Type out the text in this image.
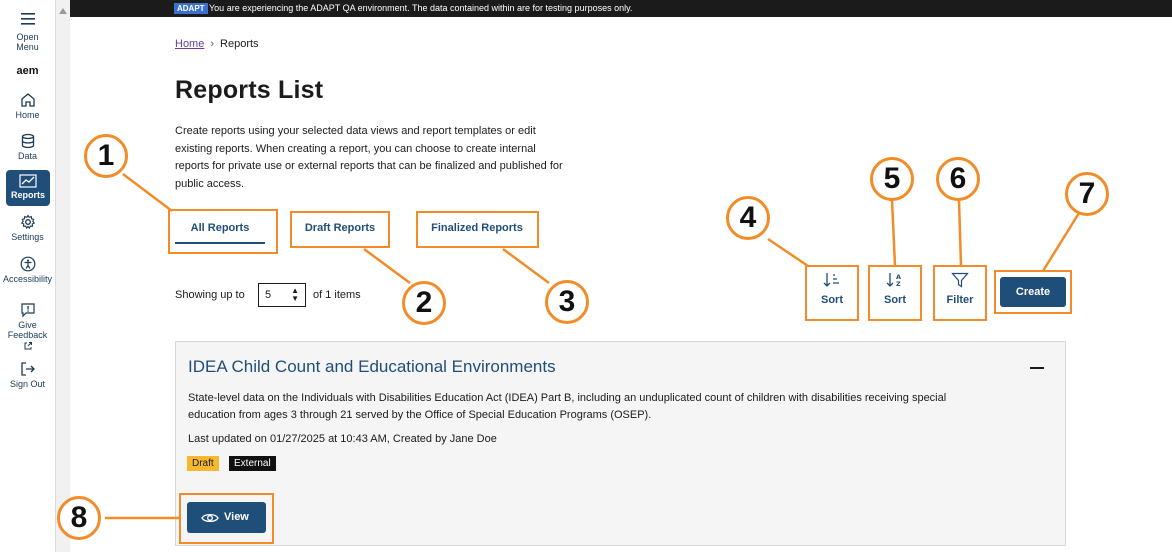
Open Menu
aem
Home
Data
Reports
Settings
Accessibility
Give Feedback
Sign Out
ADAPT You are experiencing the ADAPT QA environment. The data contained within are for testing purposes only.
Home › Reports
Reports List

Create reports using your selected data views and report templates or edit existing reports. When creating a report, you can choose to create internal reports for private use or external reports that can be finalized and published for public access.

All Reports	Draft Reports	Finalized Reports
Showing up to	5 ▲
▼ of 1 items	Sort
A
Z
Sort	Filter
Create
IDEA Child Count and Educational Environments

State-level data on the Individuals with Disabilities Education Act (IDEA) Part B, including an unduplicated count of children with disabilities receiving special education from ages 3 through 21 served by the Office of Special Education Programs (OSEP).

Last updated on 01/27/2025 at 10:43 AM, Created by Jane Doe
Draft	External
View
1
2	3
4
5	6	7
8
